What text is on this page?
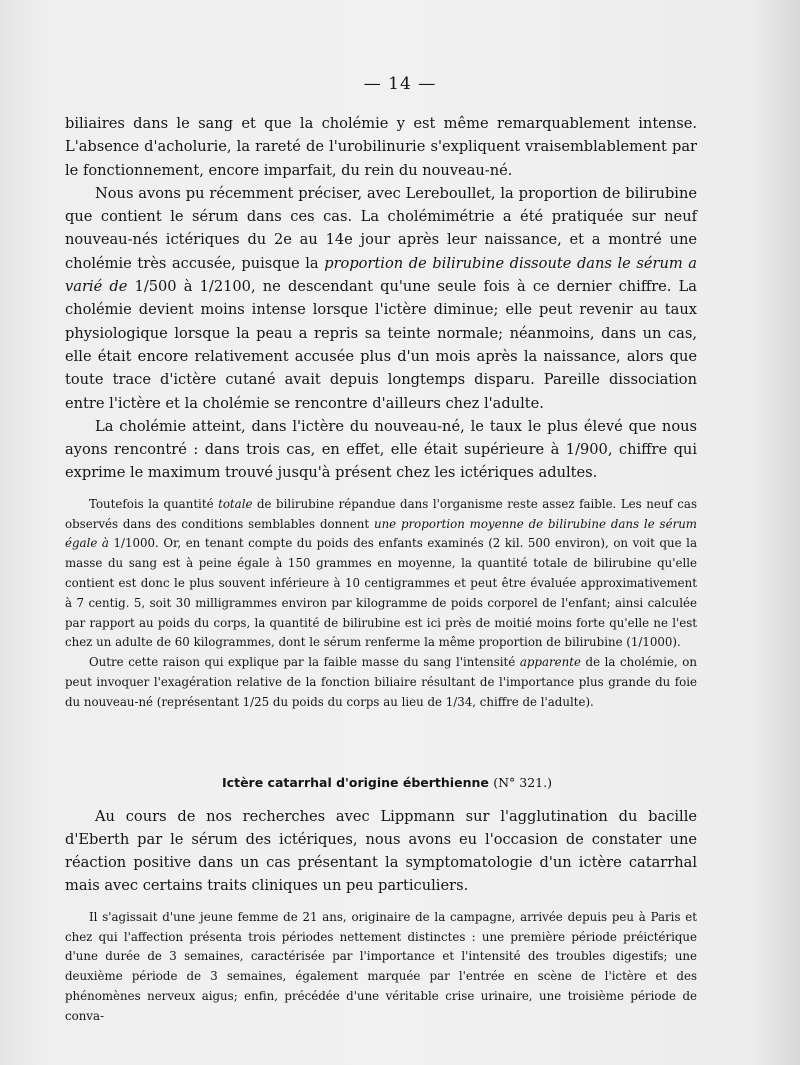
— 14 —

biliaires dans le sang et que la cholémie y est même remarquablement intense. L'absence d'acholurie, la rareté de l'urobilinurie s'expliquent vraisemblablement par le fonctionnement, encore imparfait, du rein du nouveau-né.

Nous avons pu récemment préciser, avec Lereboullet, la proportion de bilirubine que contient le sérum dans ces cas. La cholémimétrie a été pratiquée sur neuf nouveau-nés ictériques du 2e au 14e jour après leur naissance, et a montré une cholémie très accusée, puisque la proportion de bilirubine dissoute dans le sérum a varié de 1/500 à 1/2100, ne descendant qu'une seule fois à ce dernier chiffre. La cholémie devient moins intense lorsque l'ictère diminue; elle peut revenir au taux physiologique lorsque la peau a repris sa teinte normale; néanmoins, dans un cas, elle était encore relativement accusée plus d'un mois après la naissance, alors que toute trace d'ictère cutané avait depuis longtemps disparu. Pareille dissociation entre l'ictère et la cholémie se rencontre d'ailleurs chez l'adulte.

La cholémie atteint, dans l'ictère du nouveau-né, le taux le plus élevé que nous ayons rencontré : dans trois cas, en effet, elle était supérieure à 1/900, chiffre qui exprime le maximum trouvé jusqu'à présent chez les ictériques adultes.

Toutefois la quantité totale de bilirubine répandue dans l'organisme reste assez faible. Les neuf cas observés dans des conditions semblables donnent une proportion moyenne de bilirubine dans le sérum égale à 1/1000. Or, en tenant compte du poids des enfants examinés (2 kil. 500 environ), on voit que la masse du sang est à peine égale à 150 grammes en moyenne, la quantité totale de bilirubine qu'elle contient est donc le plus souvent inférieure à 10 centigrammes et peut être évaluée approximativement à 7 centig. 5, soit 30 milligrammes environ par kilogramme de poids corporel de l'enfant; ainsi calculée par rapport au poids du corps, la quantité de bilirubine est ici près de moitié moins forte qu'elle ne l'est chez un adulte de 60 kilogrammes, dont le sérum renferme la même proportion de bilirubine (1/1000).

Outre cette raison qui explique par la faible masse du sang l'intensité apparente de la cholémie, on peut invoquer l'exagération relative de la fonction biliaire résultant de l'importance plus grande du foie du nouveau-né (représentant 1/25 du poids du corps au lieu de 1/34, chiffre de l'adulte).

Ictère catarrhal d'origine éberthienne (N° 321.)

Au cours de nos recherches avec Lippmann sur l'agglutination du bacille d'Eberth par le sérum des ictériques, nous avons eu l'occasion de constater une réaction positive dans un cas présentant la symptomatologie d'un ictère catarrhal mais avec certains traits cliniques un peu particuliers.

Il s'agissait d'une jeune femme de 21 ans, originaire de la campagne, arrivée depuis peu à Paris et chez qui l'affection présenta trois périodes nettement distinctes : une première période préictérique d'une durée de 3 semaines, caractérisée par l'importance et l'intensité des troubles digestifs; une deuxième période de 3 semaines, également marquée par l'entrée en scène de l'ictère et des phénomènes nerveux aigus; enfin, précédée d'une véritable crise urinaire, une troisième période de conva-
